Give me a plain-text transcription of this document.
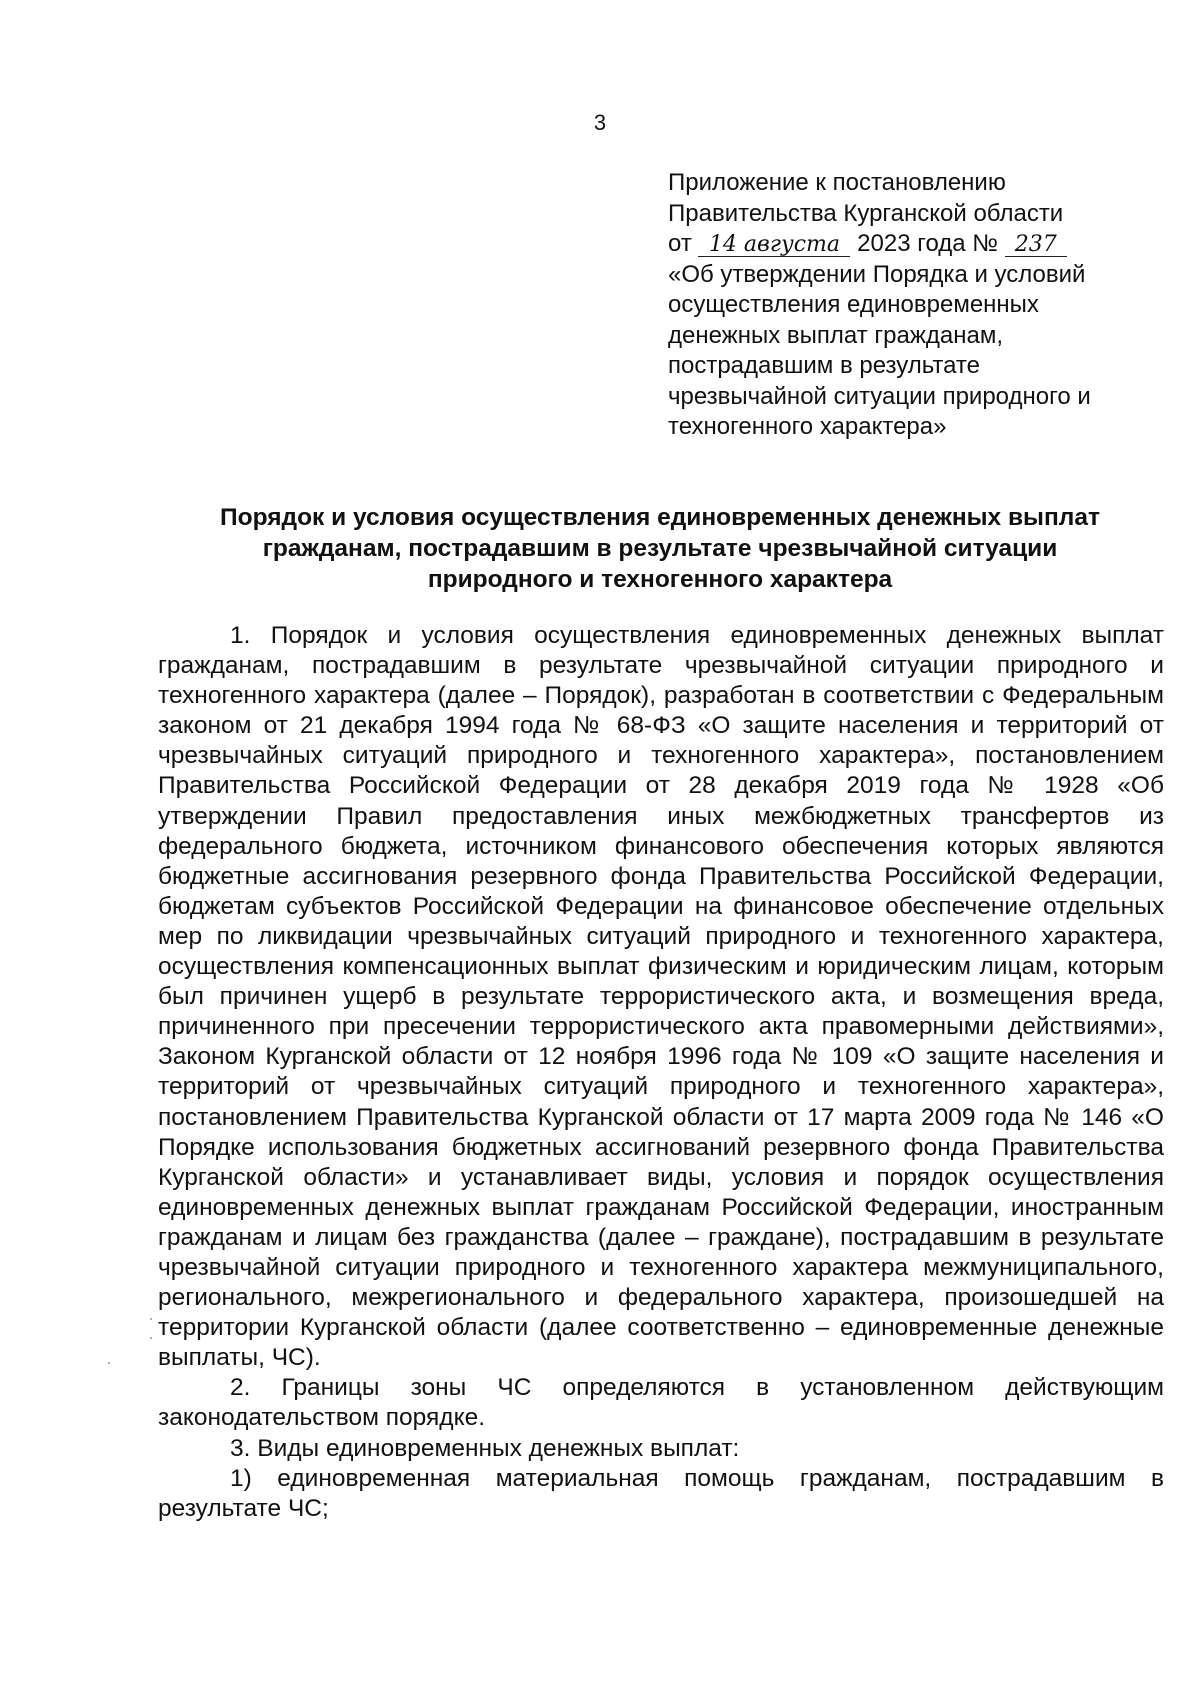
3
Приложение к постановлению
Правительства Курганской области
от 14 августа 2023 года № 237
«Об утверждении Порядка и условий
осуществления единовременных
денежных выплат гражданам,
пострадавшим в результате
чрезвычайной ситуации природного и
техногенного характера»
Порядок и условия осуществления единовременных денежных выплат
гражданам, пострадавшим в результате чрезвычайной ситуации
природного и техногенного характера

1. Порядок и условия осуществления единовременных денежных выплат гражданам, пострадавшим в результате чрезвычайной ситуации природного и техногенного характера (далее – Порядок), разработан в соответствии с Федеральным законом от 21 декабря 1994 года № 68-ФЗ «О защите населения и территорий от чрезвычайных ситуаций природного и техногенного характера», постановлением Правительства Российской Федерации от 28 декабря 2019 года № 1928 «Об утверждении Правил предоставления иных межбюджетных трансфертов из федерального бюджета, источником финансового обеспечения которых являются бюджетные ассигнования резервного фонда Правительства Российской Федерации, бюджетам субъектов Российской Федерации на финансовое обеспечение отдельных мер по ликвидации чрезвычайных ситуаций природного и техногенного характера, осуществления компенсационных выплат физическим и юридическим лицам, которым был причинен ущерб в результате террористического акта, и возмещения вреда, причиненного при пресечении террористического акта правомерными действиями», Законом Курганской области от 12 ноября 1996 года № 109 «О защите населения и территорий от чрезвычайных ситуаций природного и техногенного характера», постановлением Правительства Курганской области от 17 марта 2009 года № 146 «О Порядке использования бюджетных ассигнований резервного фонда Правительства Курганской области» и устанавливает виды, условия и порядок осуществления единовременных денежных выплат гражданам Российской Федерации, иностранным гражданам и лицам без гражданства (далее – граждане), пострадавшим в результате чрезвычайной ситуации природного и техногенного характера межмуниципального, регионального, межрегионального и федерального характера, произошедшей на территории Курганской области (далее соответственно – единовременные денежные выплаты, ЧС).

2. Границы зоны ЧС определяются в установленном действующим законодательством порядке.

3. Виды единовременных денежных выплат:

1) единовременная материальная помощь гражданам, пострадавшим в результате ЧС;
